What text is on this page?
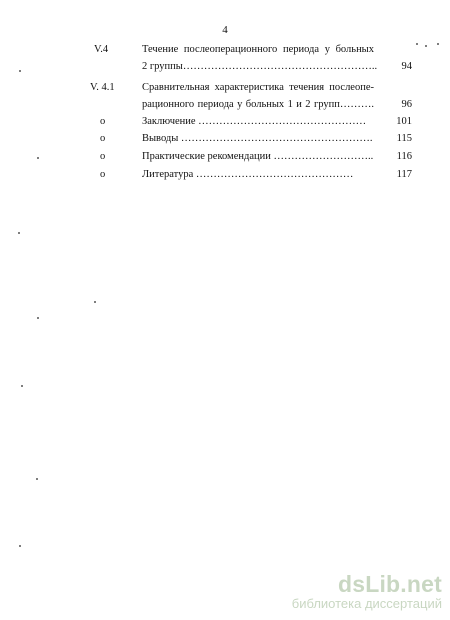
4
V.4	Течение послеоперационного периода у больных
2 группы………………………………………………..	94
V. 4.1	Сравнительная характеристика течения послеопе-
рационного периода у больных 1 и 2 групп……….	96
o	Заключение …………………………………………	101
o	Выводы ……………………………………………….	115
o	Практические рекомендации ………………………..	116
o	Литература ………………………………………	117
dsLib.net
библиотека диссертаций
